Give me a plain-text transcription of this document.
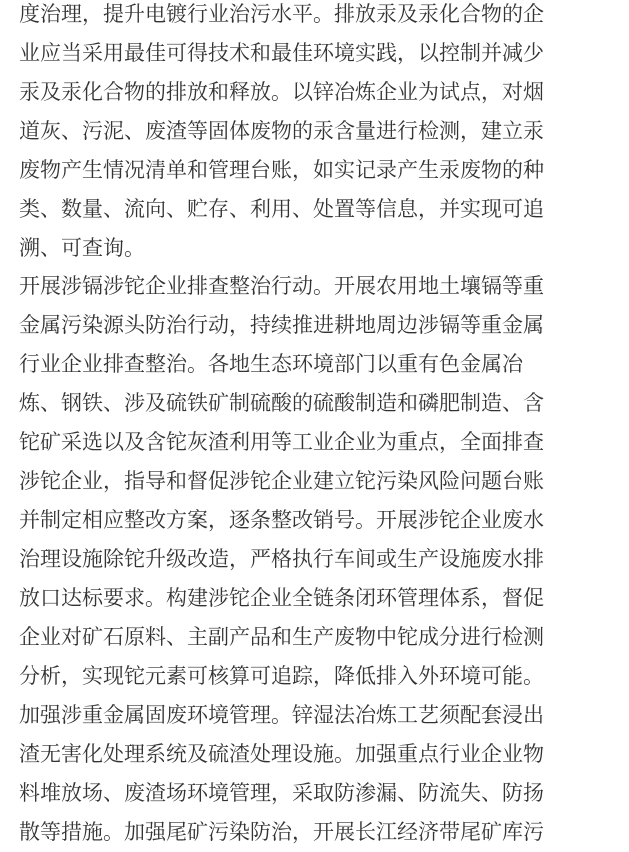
度治理，提升电镀行业治污水平。排放汞及汞化合物的企
业应当采用最佳可得技术和最佳环境实践，以控制并减少
汞及汞化合物的排放和释放。以锌冶炼企业为试点，对烟
道灰、污泥、废渣等固体废物的汞含量进行检测，建立汞
废物产生情况清单和管理台账，如实记录产生汞废物的种
类、数量、流向、贮存、利用、处置等信息，并实现可追
溯、可查询。
开展涉镉涉铊企业排查整治行动。开展农用地土壤镉等重
金属污染源头防治行动，持续推进耕地周边涉镉等重金属
行业企业排查整治。各地生态环境部门以重有色金属冶
炼、钢铁、涉及硫铁矿制硫酸的硫酸制造和磷肥制造、含
铊矿采选以及含铊灰渣利用等工业企业为重点，全面排查
涉铊企业，指导和督促涉铊企业建立铊污染风险问题台账
并制定相应整改方案，逐条整改销号。开展涉铊企业废水
治理设施除铊升级改造，严格执行车间或生产设施废水排
放口达标要求。构建涉铊企业全链条闭环管理体系，督促
企业对矿石原料、主副产品和生产废物中铊成分进行检测
分析，实现铊元素可核算可追踪，降低排入外环境可能。
加强涉重金属固废环境管理。锌湿法冶炼工艺须配套浸出
渣无害化处理系统及硫渣处理设施。加强重点行业企业物
料堆放场、废渣场环境管理，采取防渗漏、防流失、防扬
散等措施。加强尾矿污染防治，开展长江经济带尾矿库污
